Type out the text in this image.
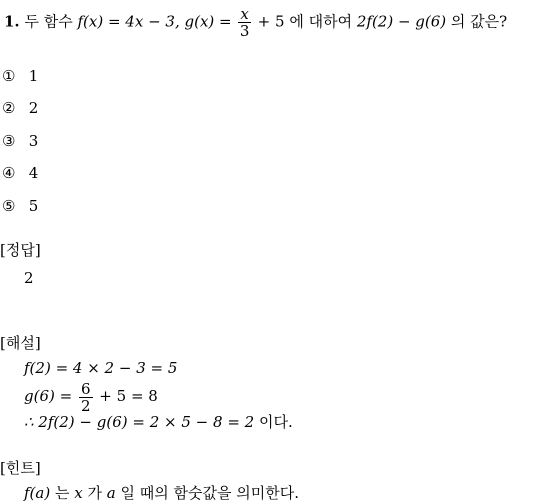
1. 두 함수 f(x) = 4x − 3, $g(x) = \frac{x}{3} + 5$ 에 대하여 2f(2) − g(6) 의 값은?
① 1
② 2
③ 3
④ 4
⑤ 5
[정답]
2
[해설]
f(2) = 4 × 2 − 3 = 5
$g(6) = \frac{6}{2} + 5 = 8$
∴ 2f(2) − g(6) = 2 × 5 − 8 = 2 이다.
[힌트]
f(a) 는 x 가 a 일 때의 함숫값을 의미한다.
